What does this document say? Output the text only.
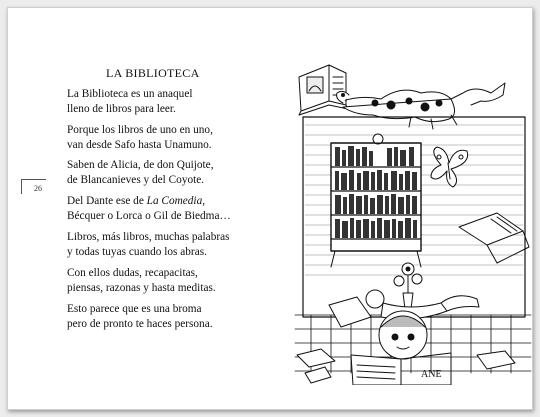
LA BIBLIOTECA
26
La Biblioteca es un anaquel
lleno de libros para leer.
Porque los libros de uno en uno,
van desde Safo hasta Unamuno.
Saben de Alicia, de don Quijote,
de Blancanieves y del Coyote.
Del Dante ese de La Comedia,
Bécquer o Lorca o Gil de Biedma…
Libros, más libros, muchas palabras
y todas tuyas cuando los abras.
Con ellos dudas, recapacitas,
piensas, razonas y hasta meditas.
Esto parece que es una broma
pero de pronto te haces persona.
ANE
